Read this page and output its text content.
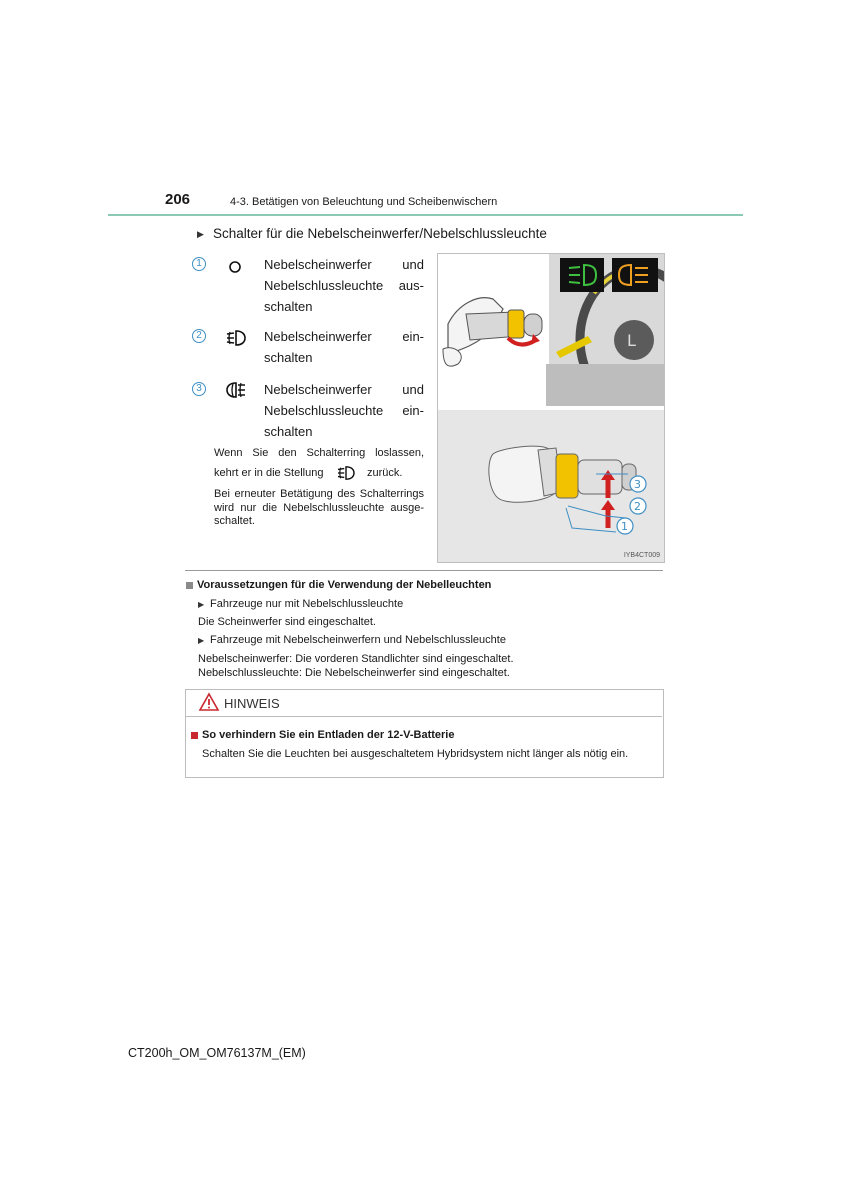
206	4-3. Betätigen von Beleuchtung und Scheibenwischern
▶ Schalter für die Nebelscheinwerfer/Nebelschlussleuchte
1	Nebelscheinwerfer und
Nebelschlussleuchte aus-
schalten
2	Nebelscheinwerfer ein-
schalten
3	Nebelscheinwerfer und
Nebelschlussleuchte ein-
schalten
Wenn Sie den Schalterring loslassen,
kehrt er in die Stellung	zurück.
Bei erneuter Betätigung des Schalterrings
wird nur die Nebelschlussleuchte ausge-
schaltet.
L
3
2
1
IYB4CT009
Voraussetzungen für die Verwendung der Nebelleuchten
▶ Fahrzeuge nur mit Nebelschlussleuchte
Die Scheinwerfer sind eingeschaltet.
▶ Fahrzeuge mit Nebelscheinwerfern und Nebelschlussleuchte
Nebelscheinwerfer: Die vorderen Standlichter sind eingeschaltet.
Nebelschlussleuchte: Die Nebelscheinwerfer sind eingeschaltet.
HINWEIS
So verhindern Sie ein Entladen der 12-V-Batterie
Schalten Sie die Leuchten bei ausgeschaltetem Hybridsystem nicht länger als nötig ein.
CT200h_OM_OM76137M_(EM)
